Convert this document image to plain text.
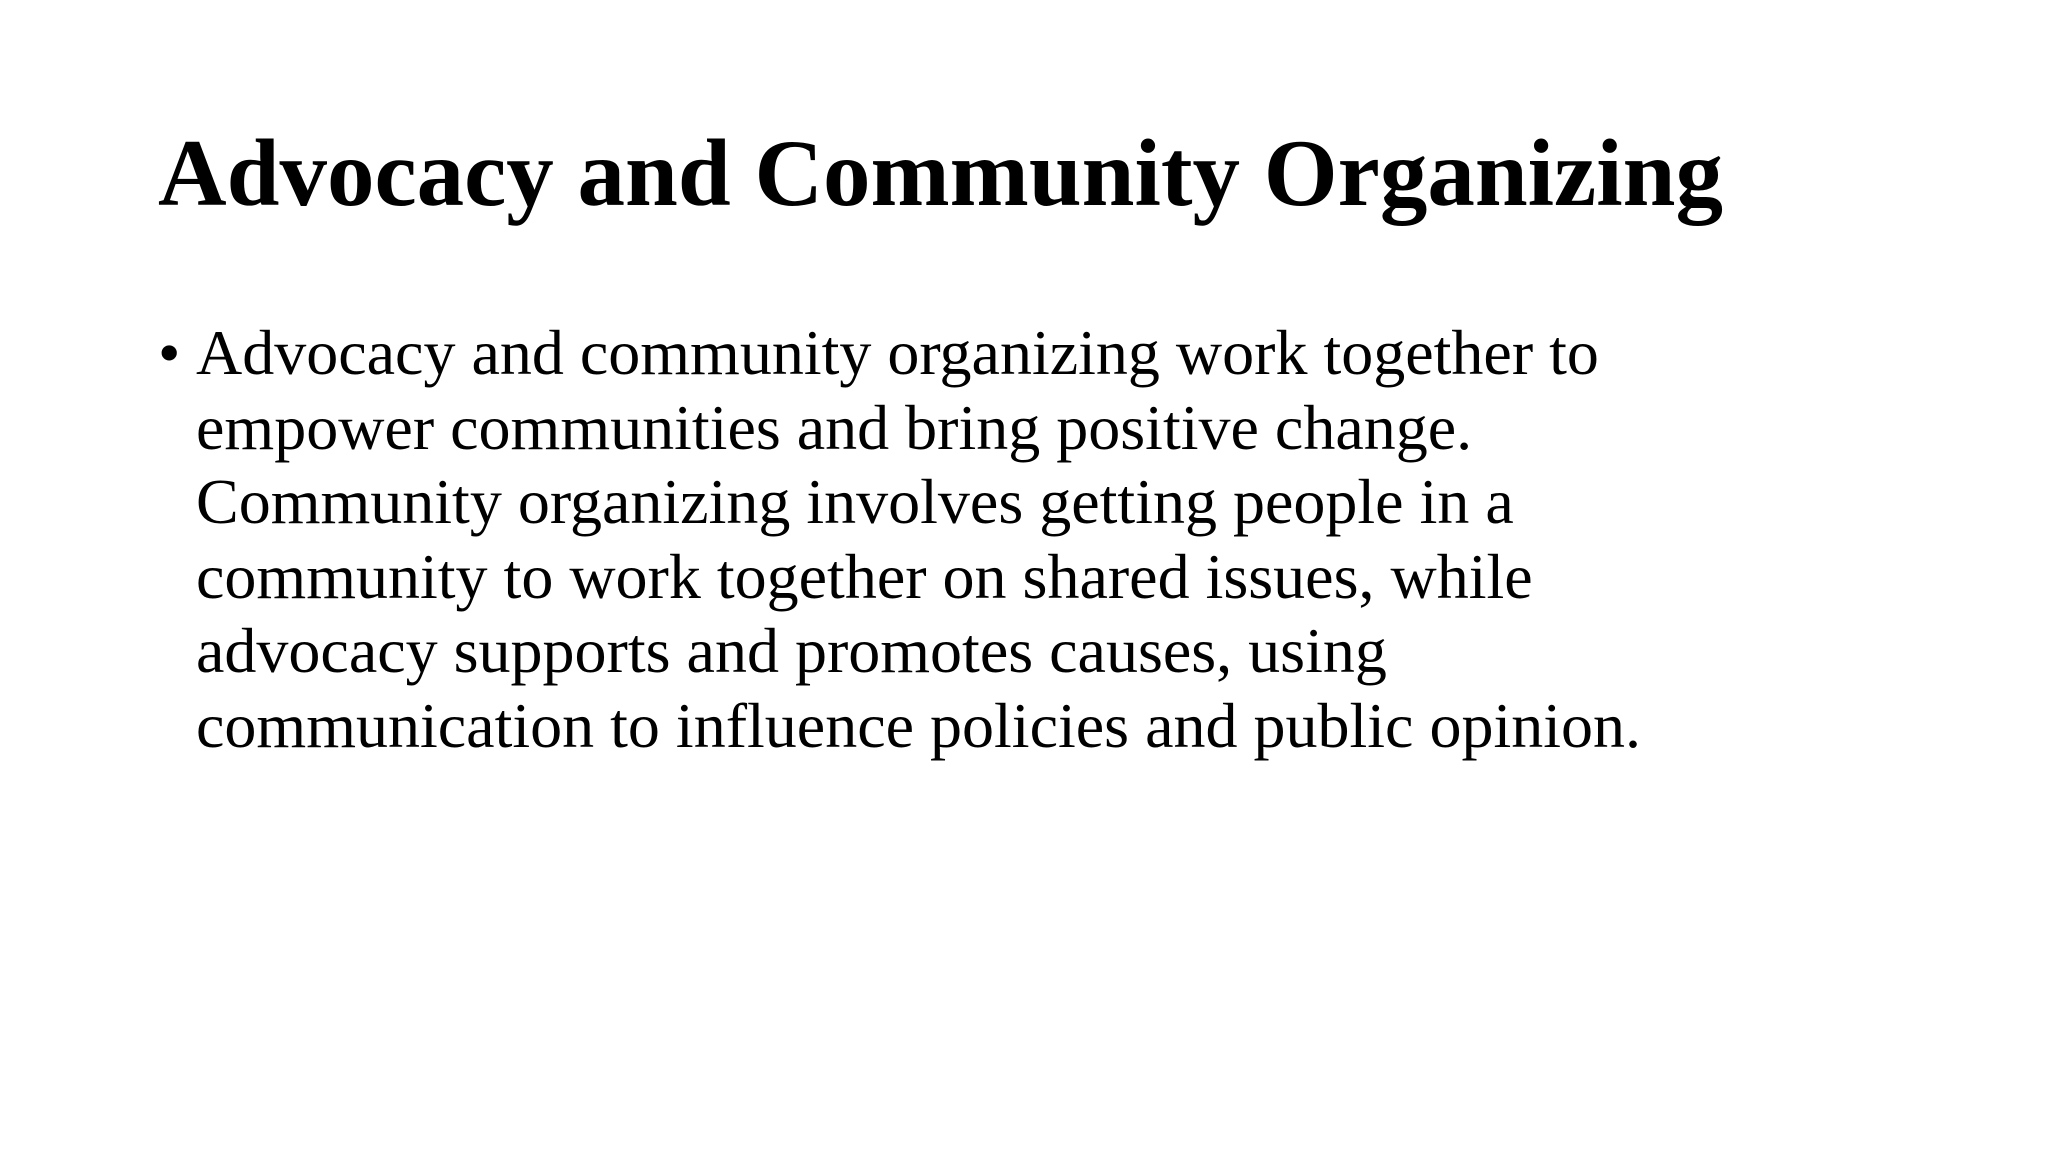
Advocacy and Community Organizing
• Advocacy and community organizing work together to
empower communities and bring positive change.
Community organizing involves getting people in a
community to work together on shared issues, while
advocacy supports and promotes causes, using
communication to influence policies and public opinion.
